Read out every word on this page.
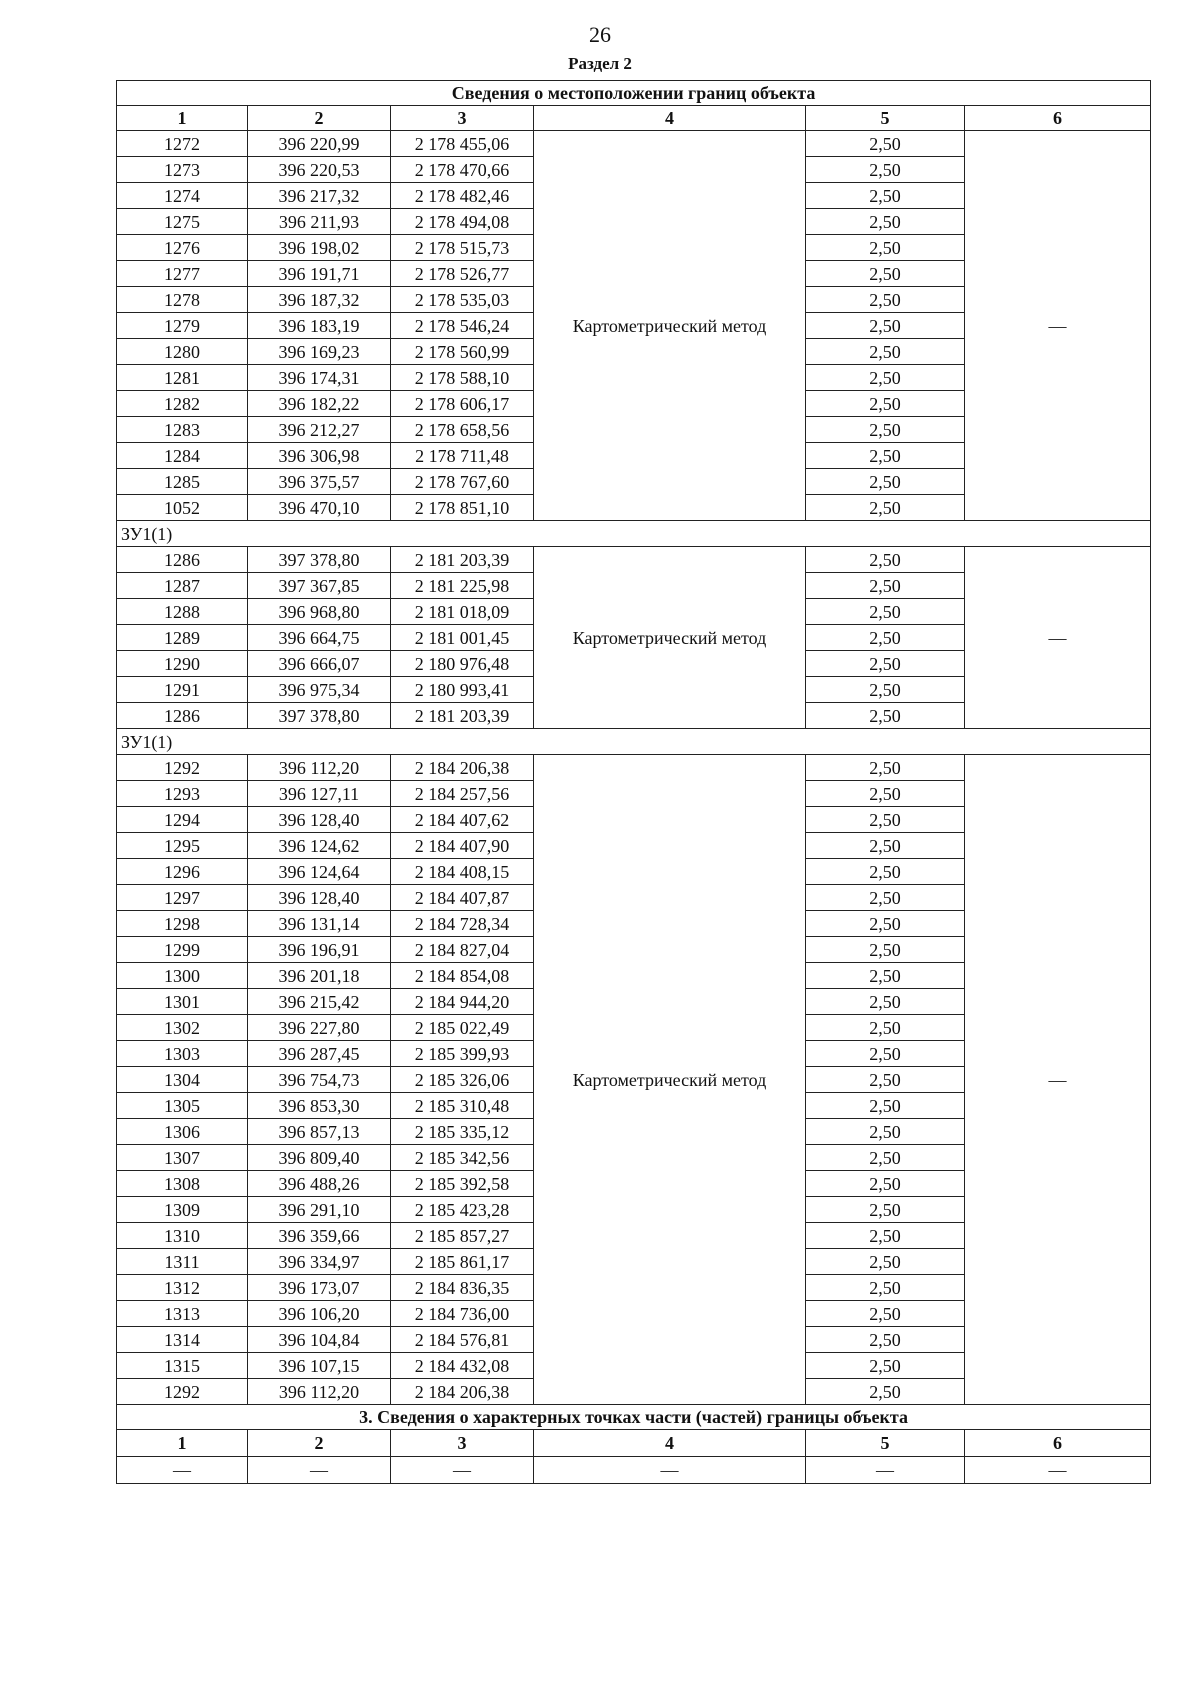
26
Раздел 2
Сведения о местоположении границ объекта					
1	2	3	4	5	6
1272	396 220,99	2 178 455,06	Картометрический метод	2,50	—
1273	396 220,53	2 178 470,66		2,50	
1274	396 217,32	2 178 482,46		2,50	
1275	396 211,93	2 178 494,08		2,50	
1276	396 198,02	2 178 515,73		2,50	
1277	396 191,71	2 178 526,77		2,50	
1278	396 187,32	2 178 535,03		2,50	
1279	396 183,19	2 178 546,24		2,50	
1280	396 169,23	2 178 560,99		2,50	
1281	396 174,31	2 178 588,10		2,50	
1282	396 182,22	2 178 606,17		2,50	
1283	396 212,27	2 178 658,56		2,50	
1284	396 306,98	2 178 711,48		2,50	
1285	396 375,57	2 178 767,60		2,50	
1052	396 470,10	2 178 851,10		2,50	
ЗУ1(1)					
1286	397 378,80	2 181 203,39	Картометрический метод	2,50	—
1287	397 367,85	2 181 225,98		2,50	
1288	396 968,80	2 181 018,09		2,50	
1289	396 664,75	2 181 001,45		2,50	
1290	396 666,07	2 180 976,48		2,50	
1291	396 975,34	2 180 993,41		2,50	
1286	397 378,80	2 181 203,39		2,50	
ЗУ1(1)					
1292	396 112,20	2 184 206,38	Картометрический метод	2,50	—
1293	396 127,11	2 184 257,56		2,50	
1294	396 128,40	2 184 407,62		2,50	
1295	396 124,62	2 184 407,90		2,50	
1296	396 124,64	2 184 408,15		2,50	
1297	396 128,40	2 184 407,87		2,50	
1298	396 131,14	2 184 728,34		2,50	
1299	396 196,91	2 184 827,04		2,50	
1300	396 201,18	2 184 854,08		2,50	
1301	396 215,42	2 184 944,20		2,50	
1302	396 227,80	2 185 022,49		2,50	
1303	396 287,45	2 185 399,93		2,50	
1304	396 754,73	2 185 326,06		2,50	
1305	396 853,30	2 185 310,48		2,50	
1306	396 857,13	2 185 335,12		2,50	
1307	396 809,40	2 185 342,56		2,50	
1308	396 488,26	2 185 392,58		2,50	
1309	396 291,10	2 185 423,28		2,50	
1310	396 359,66	2 185 857,27		2,50	
1311	396 334,97	2 185 861,17		2,50	
1312	396 173,07	2 184 836,35		2,50	
1313	396 106,20	2 184 736,00		2,50	
1314	396 104,84	2 184 576,81		2,50	
1315	396 107,15	2 184 432,08		2,50	
1292	396 112,20	2 184 206,38		2,50	
3. Сведения о характерных точках части (частей) границы объекта					
1	2	3	4	5	6
—	—	—	—	—	—
